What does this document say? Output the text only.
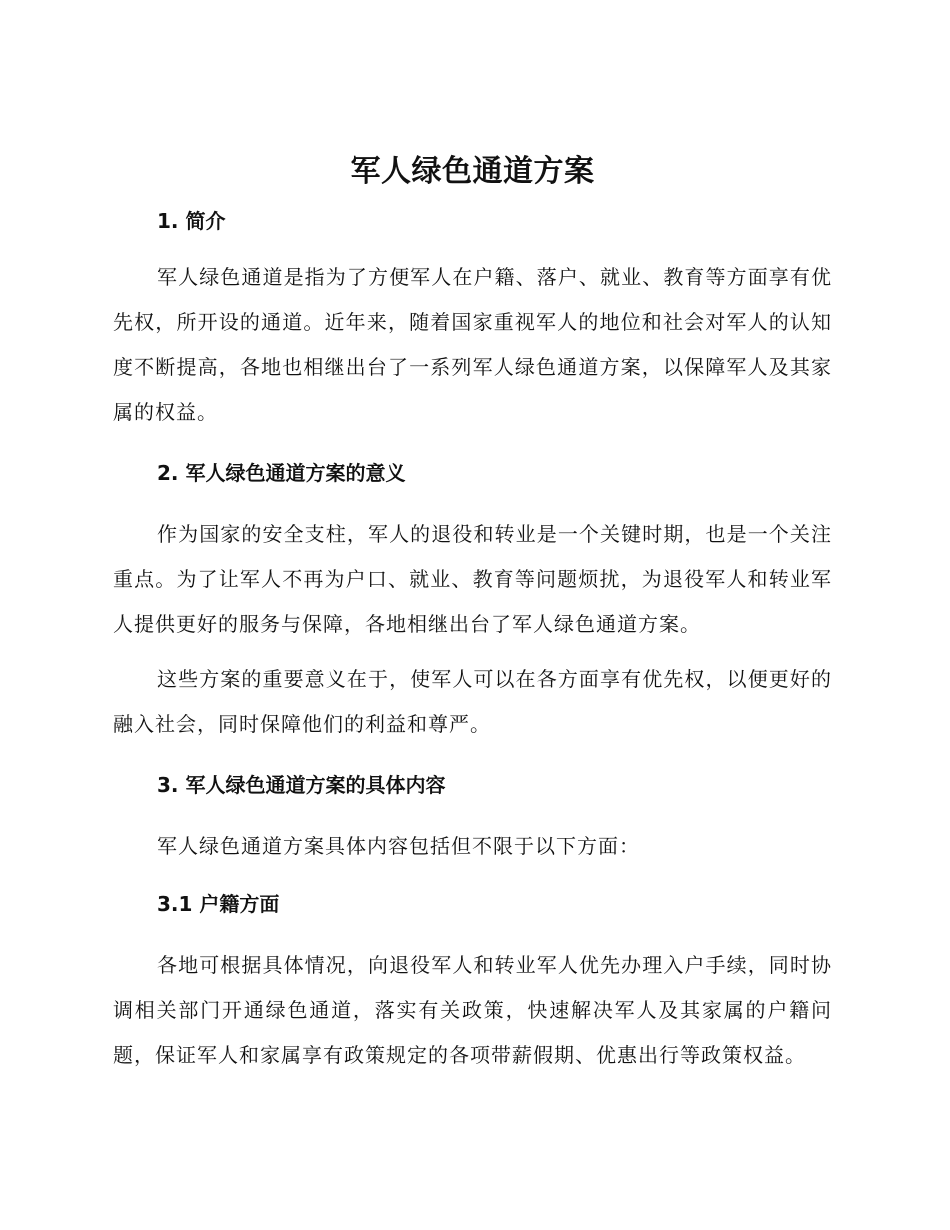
军人绿色通道方案
1. 简介

军人绿色通道是指为了方便军人在户籍、落户、就业、教育等方面享有优先权，所开设的通道。近年来，随着国家重视军人的地位和社会对军人的认知度不断提高，各地也相继出台了一系列军人绿色通道方案，以保障军人及其家属的权益。

2. 军人绿色通道方案的意义

作为国家的安全支柱，军人的退役和转业是一个关键时期，也是一个关注重点。为了让军人不再为户口、就业、教育等问题烦扰，为退役军人和转业军人提供更好的服务与保障，各地相继出台了军人绿色通道方案。

这些方案的重要意义在于，使军人可以在各方面享有优先权，以便更好的融入社会，同时保障他们的利益和尊严。

3. 军人绿色通道方案的具体内容

军人绿色通道方案具体内容包括但不限于以下方面：

3.1 户籍方面

各地可根据具体情况，向退役军人和转业军人优先办理入户手续，同时协调相关部门开通绿色通道，落实有关政策，快速解决军人及其家属的户籍问题，保证军人和家属享有政策规定的各项带薪假期、优惠出行等政策权益。
